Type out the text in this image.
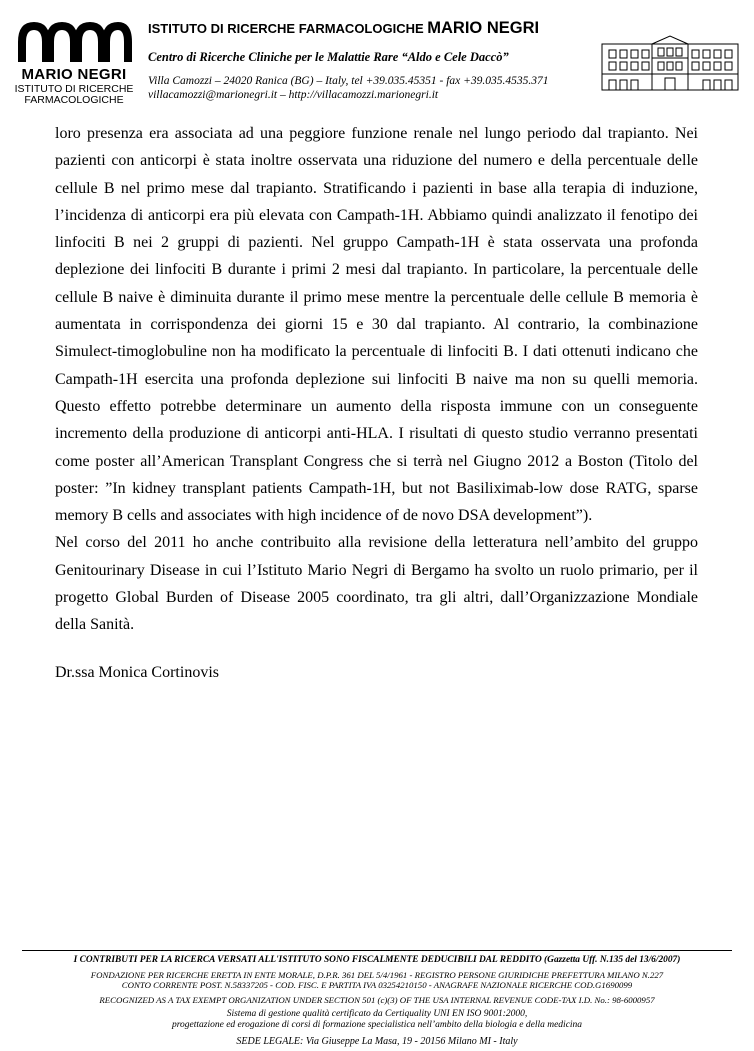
MARIO NEGRI
ISTITUTO DI RICERCHE
FARMACOLOGICHE
ISTITUTO DI RICERCHE FARMACOLOGICHE MARIO NEGRI
Centro di Ricerche Cliniche per le Malattie Rare “Aldo e Cele Daccò”
Villa Camozzi – 24020 Ranica (BG) – Italy, tel +39.035.45351 - fax +39.035.4535.371
villacamozzi@marionegri.it – http://villacamozzi.marionegri.it

loro presenza era associata ad una peggiore funzione renale nel lungo periodo dal trapianto. Nei pazienti con anticorpi è stata inoltre osservata una riduzione del numero e della percentuale delle cellule B nel primo mese dal trapianto. Stratificando i pazienti in base alla terapia di induzione, l’incidenza di anticorpi era più elevata con Campath-1H. Abbiamo quindi analizzato il fenotipo dei linfociti B nei 2 gruppi di pazienti. Nel gruppo Campath-1H è stata osservata una profonda deplezione dei linfociti B durante i primi 2 mesi dal trapianto. In particolare, la percentuale delle cellule B naive è diminuita durante il primo mese mentre la percentuale delle cellule B memoria è aumentata in corrispondenza dei giorni 15 e 30 dal trapianto. Al contrario, la combinazione Simulect-timoglobuline non ha modificato la percentuale di linfociti B. I dati ottenuti indicano che Campath-1H esercita una profonda deplezione sui linfociti B naive ma non su quelli memoria. Questo effetto potrebbe determinare un aumento della risposta immune con un conseguente incremento della produzione di anticorpi anti-HLA. I risultati di questo studio verranno presentati come poster all’American Transplant Congress che si terrà nel Giugno 2012 a Boston (Titolo del poster: ”In kidney transplant patients Campath-1H, but not Basiliximab-low dose RATG, sparse memory B cells and associates with high incidence of de novo DSA development”).

Nel corso del 2011 ho anche contribuito alla revisione della letteratura nell’ambito del gruppo Genitourinary Disease in cui l’Istituto Mario Negri di Bergamo ha svolto un ruolo primario, per il progetto Global Burden of Disease 2005 coordinato, tra gli altri, dall’Organizzazione Mondiale della Sanità.

Dr.ssa Monica Cortinovis
I CONTRIBUTI PER LA RICERCA VERSATI ALL'ISTITUTO SONO FISCALMENTE DEDUCIBILI DAL REDDITO (Gazzetta Uff. N.135 del 13/6/2007)
FONDAZIONE PER RICERCHE ERETTA IN ENTE MORALE, D.P.R. 361 DEL 5/4/1961 - REGISTRO PERSONE GIURIDICHE PREFETTURA MILANO N.227
CONTO CORRENTE POST. N.58337205 - COD. FISC. E PARTITA IVA 03254210150 - ANAGRAFE NAZIONALE RICERCHE COD.G1690099
RECOGNIZED AS A TAX EXEMPT ORGANIZATION UNDER SECTION 501 (c)(3) OF THE USA INTERNAL REVENUE CODE-TAX I.D. No.: 98-6000957
Sistema di gestione qualità certificato da Certiquality UNI EN ISO 9001:2000,
progettazione ed erogazione di corsi di formazione specialistica nell’ambito della biologia e della medicina
SEDE LEGALE: Via Giuseppe La Masa, 19 - 20156 Milano MI - Italy
